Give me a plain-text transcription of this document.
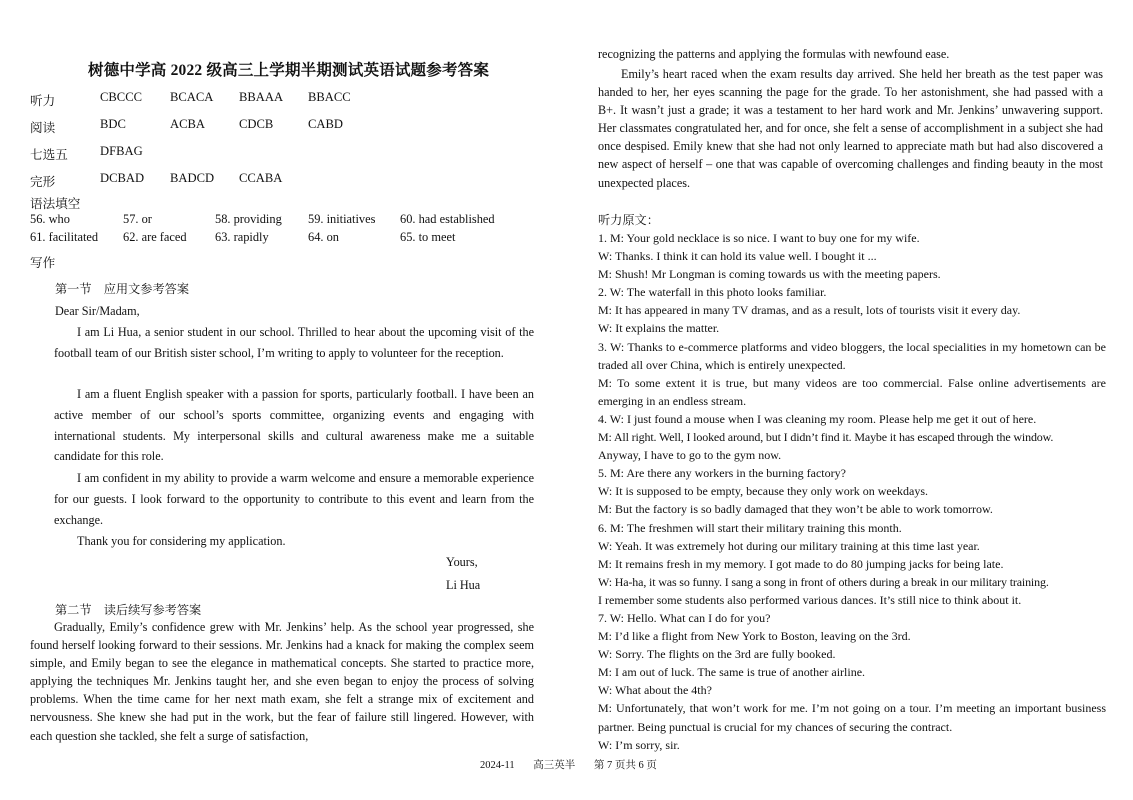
树德中学高 2022 级高三上学期半期测试英语试题参考答案
听力	CBCCC BCACA BBAAA BBACC
阅读	BDC	ACBA	CDCB	CABD
七选五	DFBAG
完形	DCBAD BADCD CCABA
语法填空
56. who	57. or	58. providing 59. initiatives 60. had established
61. facilitated 62. are faced 63. rapidly	64. on	65. to meet
写作
第一节　应用文参考答案
Dear Sir/Madam,
I am Li Hua, a senior student in our school. Thrilled to hear about the upcoming visit of the football team of our British sister school, I’m writing to apply to volunteer for the reception.
I am a fluent English speaker with a passion for sports, particularly football. I have been an active member of our school’s sports committee, organizing events and engaging with international students. My interpersonal skills and cultural awareness make me a suitable candidate for this role.
I am confident in my ability to provide a warm welcome and ensure a memorable experience for our guests. I look forward to the opportunity to contribute to this event and learn from the exchange.
Thank you for considering my application.
Yours,
Li Hua
第二节　读后续写参考答案
Gradually, Emily’s confidence grew with Mr. Jenkins’ help. As the school year progressed, she found herself looking forward to their sessions. Mr. Jenkins had a knack for making the complex seem simple, and Emily began to see the elegance in mathematical concepts. She started to practice more, applying the techniques Mr. Jenkins taught her, and she even began to enjoy the process of solving problems. When the time came for her next math exam, she felt a strange mix of excitement and nervousness. She knew she had put in the work, but the fear of failure still lingered. However, with each question she tackled, she felt a surge of satisfaction,
recognizing the patterns and applying the formulas with newfound ease.
Emily’s heart raced when the exam results day arrived. She held her breath as the test paper was handed to her, her eyes scanning the page for the grade. To her astonishment, she had passed with a B+. It wasn’t just a grade; it was a testament to her hard work and Mr. Jenkins’ unwavering support. Her classmates congratulated her, and for once, she felt a sense of accomplishment in a subject she had once despised. Emily knew that she had not only learned to appreciate math but had also discovered a new aspect of herself – one that was capable of overcoming challenges and finding beauty in the most unexpected places.
听力原文：
1. M: Your gold necklace is so nice. I want to buy one for my wife.
W: Thanks. I think it can hold its value well. I bought it ...
M: Shush! Mr Longman is coming towards us with the meeting papers.
2. W: The waterfall in this photo looks familiar.
M: It has appeared in many TV dramas, and as a result, lots of tourists visit it every day.
W: It explains the matter.
3. W: Thanks to e-commerce platforms and video bloggers, the local specialities in my hometown can be traded all over China, which is entirely unexpected.
M: To some extent it is true, but many videos are too commercial. False online advertisements are emerging in an endless stream.
4. W: I just found a mouse when I was cleaning my room. Please help me get it out of here.
M: All right. Well, I looked around, but I didn’t find it. Maybe it has escaped through the window.
Anyway, I have to go to the gym now.
5. M: Are there any workers in the burning factory?
W: It is supposed to be empty, because they only work on weekdays.
M: But the factory is so badly damaged that they won’t be able to work tomorrow.
6. M: The freshmen will start their military training this month.
W: Yeah. It was extremely hot during our military training at this time last year.
M: It remains fresh in my memory. I got made to do 80 jumping jacks for being late.
W: Ha-ha, it was so funny. I sang a song in front of others during a break in our military training.
I remember some students also performed various dances. It’s still nice to think about it.
7. W: Hello. What can I do for you?
M: I’d like a flight from New York to Boston, leaving on the 3rd.
W: Sorry. The flights on the 3rd are fully booked.
M: I am out of luck. The same is true of another airline.
W: What about the 4th?
M: Unfortunately, that won’t work for me. I’m not going on a tour. I’m meeting an important business partner. Being punctual is crucial for my chances of securing the contract.
W: I’m sorry, sir.
2024-11 高三英半 第 7 页共 6 页
